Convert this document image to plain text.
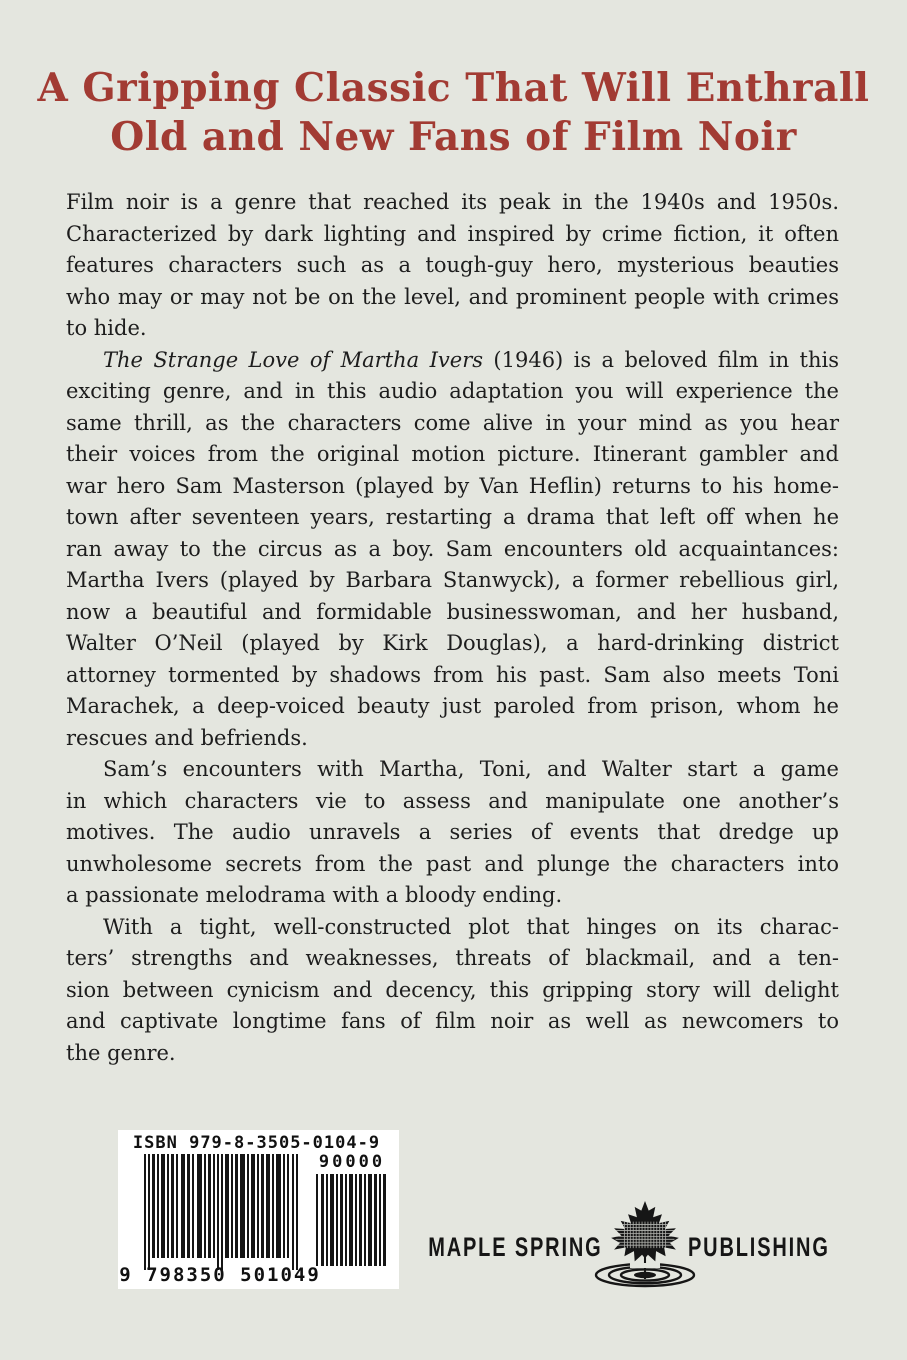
A Gripping Classic That Will Enthrall
Old and New Fans of Film Noir
Film noir is a genre that reached its peak in the 1940s and 1950s.
Characterized by dark lighting and inspired by crime fiction, it often
features characters such as a tough-guy hero, mysterious beauties
who may or may not be on the level, and prominent people with crimes
to hide.
The Strange Love of Martha Ivers (1946) is a beloved film in this
exciting genre, and in this audio adaptation you will experience the
same thrill, as the characters come alive in your mind as you hear
their voices from the original motion picture. Itinerant gambler and
war hero Sam Masterson (played by Van Heflin) returns to his home-
town after seventeen years, restarting a drama that left off when he
ran away to the circus as a boy. Sam encounters old acquaintances:
Martha Ivers (played by Barbara Stanwyck), a former rebellious girl,
now a beautiful and formidable businesswoman, and her husband,
Walter O’Neil (played by Kirk Douglas), a hard-drinking district
attorney tormented by shadows from his past. Sam also meets Toni
Marachek, a deep-voiced beauty just paroled from prison, whom he
rescues and befriends.
Sam’s encounters with Martha, Toni, and Walter start a game
in which characters vie to assess and manipulate one another’s
motives. The audio unravels a series of events that dredge up
unwholesome secrets from the past and plunge the characters into
a passionate melodrama with a bloody ending.
With a tight, well-constructed plot that hinges on its charac-
ters’ strengths and weaknesses, threats of blackmail, and a ten-
sion between cynicism and decency, this gripping story will delight
and captivate longtime fans of film noir as well as newcomers to
the genre.
ISBN 979-8-3505-0104-9
90000
9 798350 501049
MAPLE SPRING	PUBLISHING
